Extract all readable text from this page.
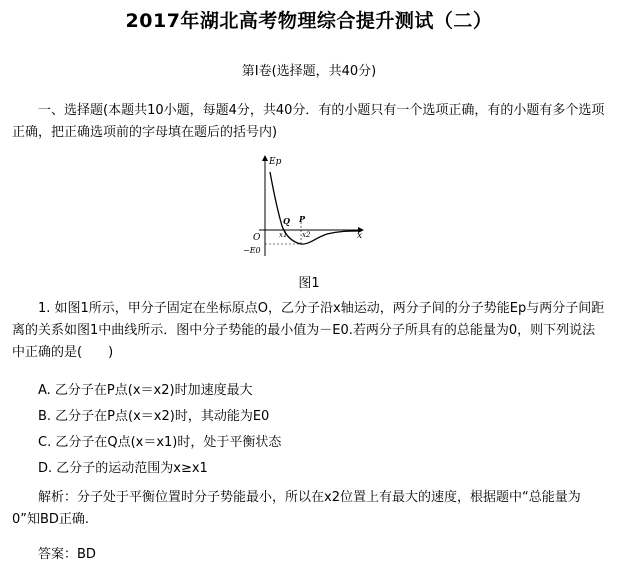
2017年湖北高考物理综合提升测试（二）
第Ⅰ卷(选择题，共40分)
一、选择题(本题共10小题，每题4分，共40分．有的小题只有一个选项正确，有的小题有多个选项正确，把正确选项前的字母填在题后的括号内)
Ep
x
O
Q P
x1 x2
−E0
图1
1. 如图1所示，甲分子固定在坐标原点O，乙分子沿x轴运动，两分子间的分子势能Ep与两分子间距离的关系如图1中曲线所示．图中分子势能的最小值为－E0.若两分子所具有的总能量为0，则下列说法中正确的是(　　)
A. 乙分子在P点(x＝x2)时加速度最大
B. 乙分子在P点(x＝x2)时，其动能为E0
C. 乙分子在Q点(x＝x1)时，处于平衡状态
D. 乙分子的运动范围为x≥x1
解析：分子处于平衡位置时分子势能最小，所以在x2位置上有最大的速度，根据题中“总能量为0”知BD正确.
答案：BD
